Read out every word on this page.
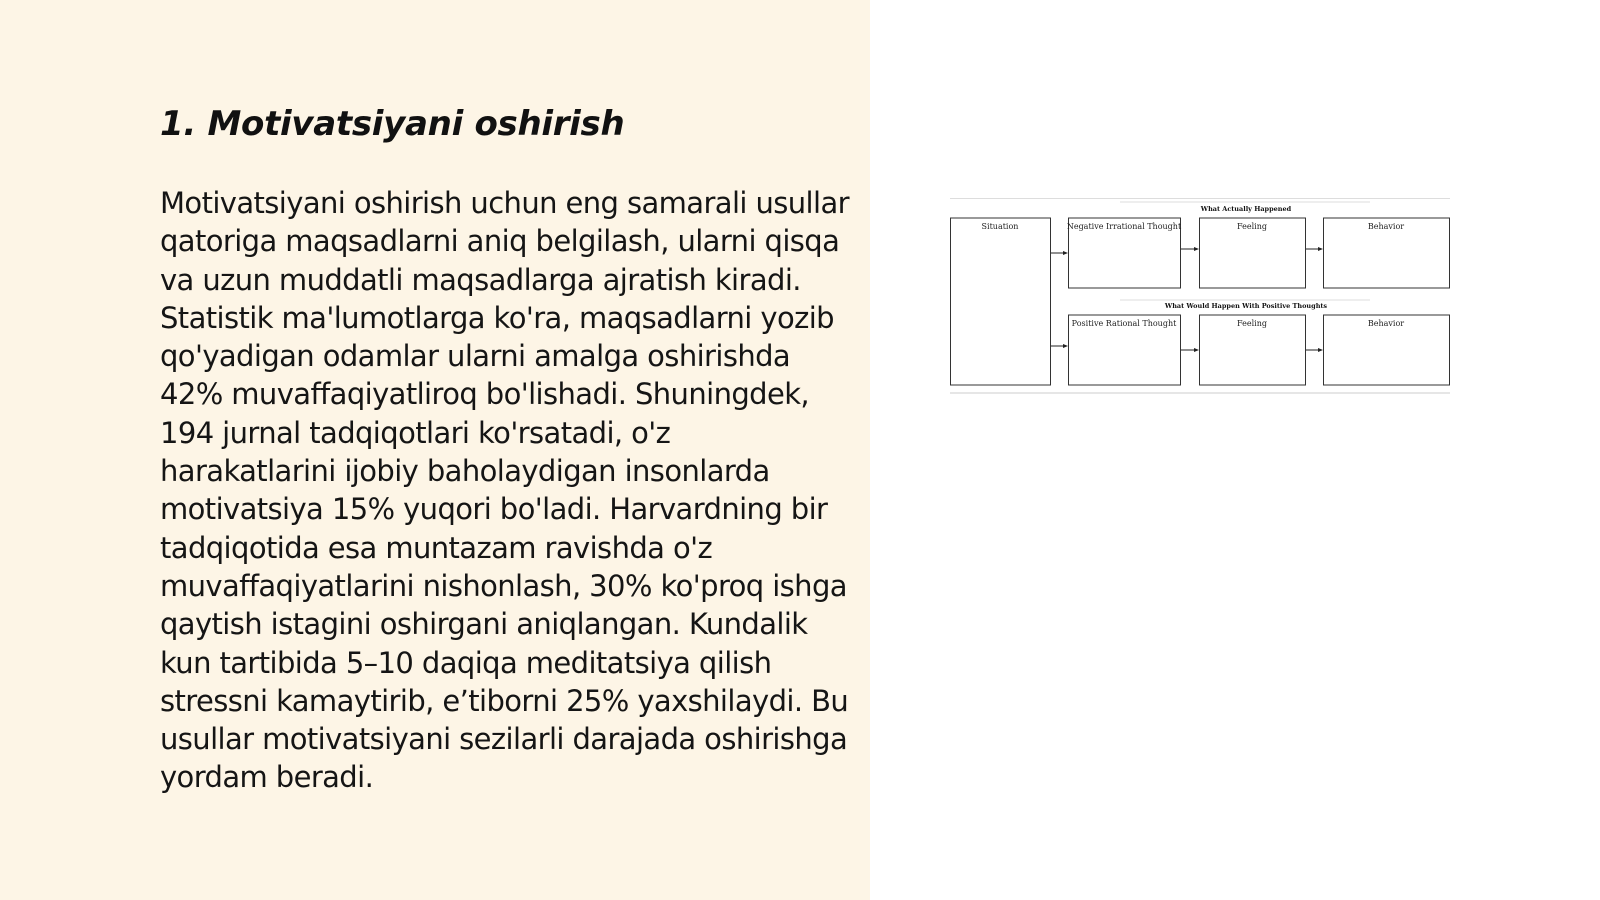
1. Motivatsiyani oshirish

Motivatsiyani oshirish uchun eng samarali usullar qatoriga maqsadlarni aniq belgilash, ularni qisqa va uzun muddatli maqsadlarga ajratish kiradi. Statistik ma'lumotlarga ko'ra, maqsadlarni yozib qo'yadigan odamlar ularni amalga oshirishda 42% muvaffaqiyatliroq bo'lishadi. Shuningdek, 194 jurnal tadqiqotlari ko'rsatadi, o'z harakatlarini ijobiy baholaydigan insonlarda motivatsiya 15% yuqori bo'ladi. Harvardning bir tadqiqotida esa muntazam ravishda o'z muvaffaqiyatlarini nishonlash, 30% ko'proq ishga qaytish istagini oshirgani aniqlangan. Kundalik kun tartibida 5–10 daqiqa meditatsiya qilish stressni kamaytirib, e’tiborni 25% yaxshilaydi. Bu usullar motivatsiyani sezilarli darajada oshirishga yordam beradi.

What Actually Happened
What Would Happen With Positive Thoughts
Situation	Negative Irrational Thought	Feeling	Behavior
Positive Rational Thought	Feeling	Behavior
